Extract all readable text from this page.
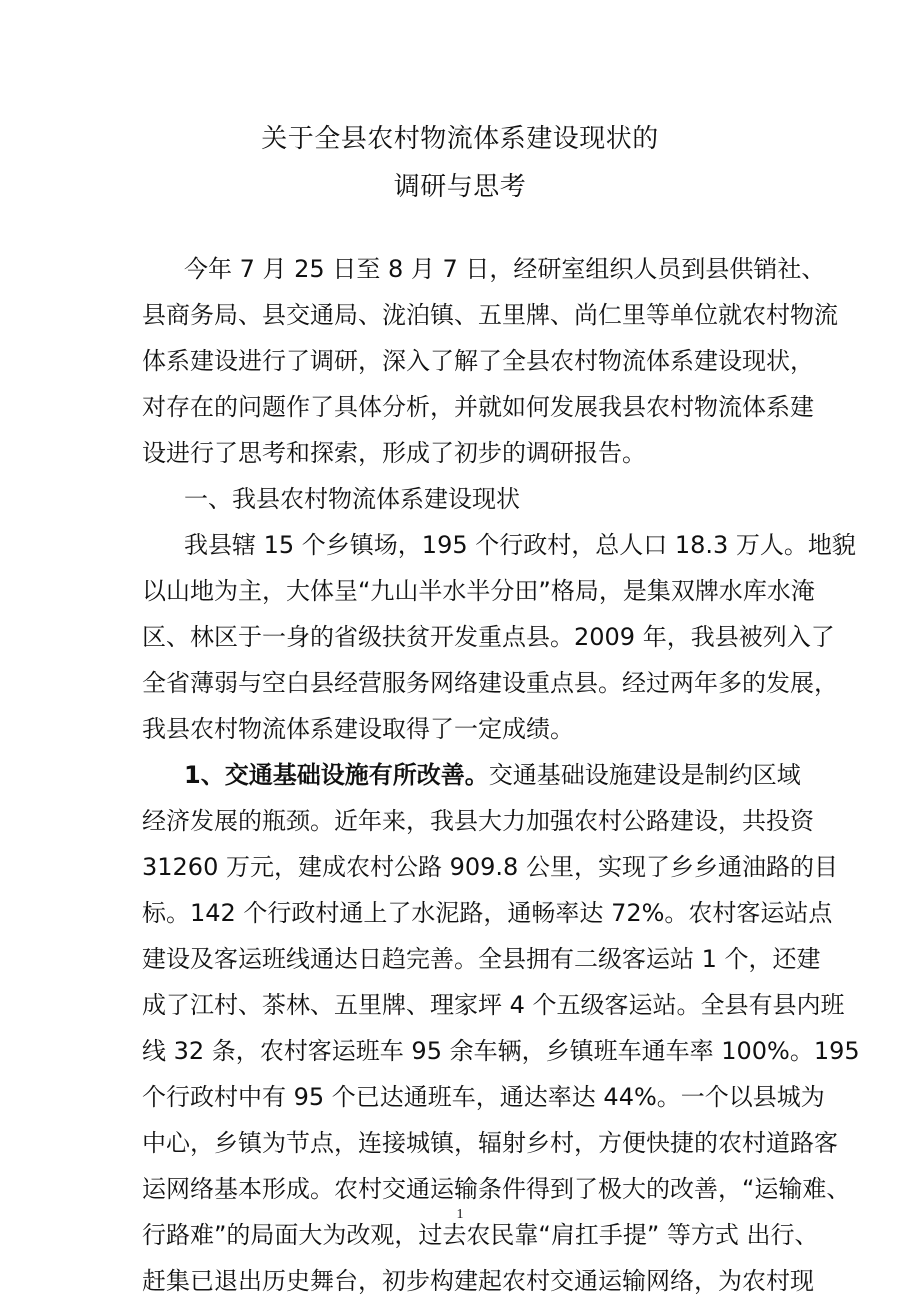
关于全县农村物流体系建设现状的
调研与思考
今年 7 月 25 日至 8 月 7 日，经研室组织人员到县供销社、
县商务局、县交通局、泷泊镇、五里牌、尚仁里等单位就农村物流
体系建设进行了调研，深入了解了全县农村物流体系建设现状，
对存在的问题作了具体分析，并就如何发展我县农村物流体系建
设进行了思考和探索，形成了初步的调研报告。
一、我县农村物流体系建设现状
我县辖 15 个乡镇场，195 个行政村，总人口 18.3 万人。地貌
以山地为主，大体呈“九山半水半分田”格局，是集双牌水库水淹
区、林区于一身的省级扶贫开发重点县。2009 年，我县被列入了
全省薄弱与空白县经营服务网络建设重点县。经过两年多的发展，
我县农村物流体系建设取得了一定成绩。
1、交通基础设施有所改善。交通基础设施建设是制约区域
经济发展的瓶颈。近年来，我县大力加强农村公路建设，共投资
31260 万元，建成农村公路 909.8 公里，实现了乡乡通油路的目
标。142 个行政村通上了水泥路，通畅率达 72%。农村客运站点
建设及客运班线通达日趋完善。全县拥有二级客运站 1 个，还建
成了江村、茶林、五里牌、理家坪 4 个五级客运站。全县有县内班
线 32 条，农村客运班车 95 余车辆，乡镇班车通车率 100%。195
个行政村中有 95 个已达通班车，通达率达 44%。一个以县城为
中心，乡镇为节点，连接城镇，辐射乡村，方便快捷的农村道路客
运网络基本形成。农村交通运输条件得到了极大的改善，“运输难、
行路难”的局面大为改观，过去农民靠“肩扛手提” 等方式 出行、
赶集已退出历史舞台，初步构建起农村交通运输网络，为农村现
1
